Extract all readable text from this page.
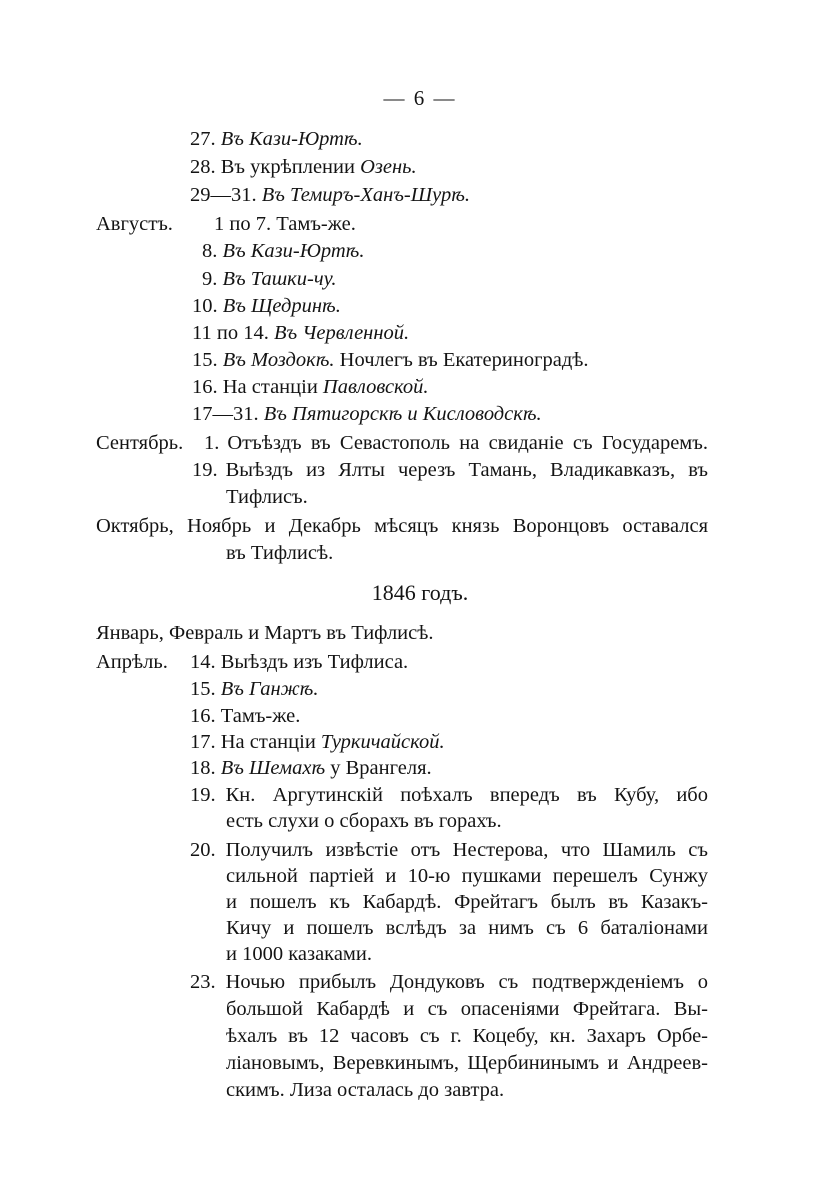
— 6 —
27. Въ Кази-Юртѣ.
28. Въ укрѣплении Озень.
29—31. Въ Темиръ-Ханъ-Шурѣ.
Августъ. 1 по 7. Тамъ-же.
8. Въ Кази-Юртѣ.
9. Въ Ташки-чу.
10. Въ Щедринѣ.
11 по 14. Въ Червленной.
15. Въ Моздокѣ. Ночлегъ въ Екатериноградѣ.
16. На станціи Павловской.
17—31. Въ Пятигорскѣ и Кисловодскѣ.
Сентябрь. 1. Отъѣздъ въ Севастополь на свиданіе съ Государемъ.
19. Выѣздъ из Ялты черезъ Тамань, Владикавказъ, въ
Тифлисъ.
Октябрь, Ноябрь и Декабрь мѣсяцъ князь Воронцовъ оставался
въ Тифлисѣ.
1846 годъ.
Январь, Февраль и Мартъ въ Тифлисѣ.
Апрѣль. 14. Выѣздъ изъ Тифлиса.
15. Въ Ганжѣ.
16. Тамъ-же.
17. На станціи Туркичайской.
18. Въ Шемахѣ у Врангеля.
19. Кн. Аргутинскій поѣхалъ впередъ въ Кубу, ибо
есть слухи о сборахъ въ горахъ.
20. Получилъ извѣстіе отъ Нестерова, что Шамиль съ
сильной партіей и 10-ю пушками перешелъ Сунжу
и пошелъ къ Кабардѣ. Фрейтагъ былъ въ Казакъ-
Кичу и пошелъ вслѣдъ за нимъ съ 6 баталіонами
и 1000 казаками.
23. Ночью прибылъ Дондуковъ съ подтвержденіемъ о
большой Кабардѣ и съ опасеніями Фрейтага. Вы-
ѣхалъ въ 12 часовъ съ г. Коцебу, кн. Захаръ Орбе-
ліановымъ, Веревкинымъ, Щербининымъ и Андреев-
скимъ. Лиза осталась до завтра.
